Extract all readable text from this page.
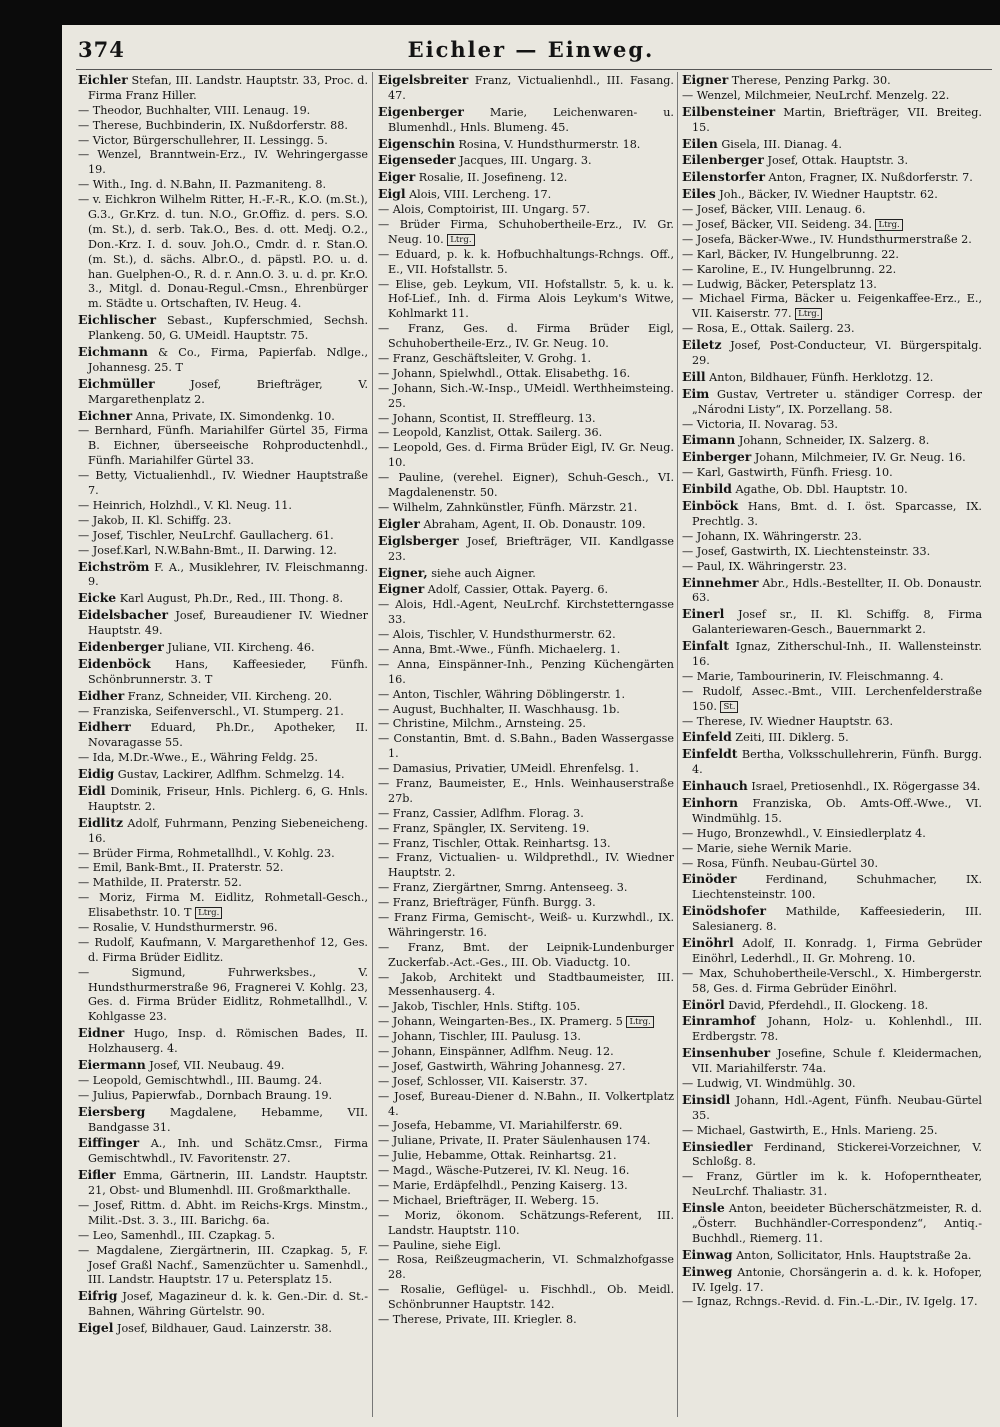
374	Eichler — Einweg.
Eichler Stefan, III. Landstr. Hauptstr. 33, Proc. d. Firma Franz Hiller.
— Theodor, Buchhalter, VIII. Lenaug. 19.
— Therese, Buchbinderin, IX. Nußdorferstr. 88.
— Victor, Bürgerschullehrer, II. Lessingg. 5.
— Wenzel, Branntwein-Erz., IV. Wehringergasse 19.
— With., Ing. d. N.Bahn, II. Pazmaniteng. 8.
— v. Eichkron Wilhelm Ritter, H.-F.-R., K.O. (m.St.), G.3., Gr.Krz. d. tun. N.O., Gr.Offiz. d. pers. S.O. (m. St.), d. serb. Tak.O., Bes. d. ott. Medj. O.2., Don.-Krz. I. d. souv. Joh.O., Cmdr. d. r. Stan.O. (m. St.), d. sächs. Albr.O., d. päpstl. P.O. u. d. han. Guelphen-O., R. d. r. Ann.O. 3. u. d. pr. Kr.O. 3., Mitgl. d. Donau-Regul.-Cmsn., Ehrenbürger m. Städte u. Ortschaften, IV. Heug. 4.
Eichlischer Sebast., Kupferschmied, Sechsh. Plankeng. 50, G. UMeidl. Hauptstr. 75.
Eichmann & Co., Firma, Papierfab. Ndlge., Johannesg. 25. T
Eichmüller Josef, Briefträger, V. Margarethenplatz 2.
Eichner Anna, Private, IX. Simondenkg. 10.
— Bernhard, Fünfh. Mariahilfer Gürtel 35, Firma B. Eichner, überseeische Rohproductenhdl., Fünfh. Mariahilfer Gürtel 33.
— Betty, Victualienhdl., IV. Wiedner Hauptstraße 7.
— Heinrich, Holzhdl., V. Kl. Neug. 11.
— Jakob, II. Kl. Schiffg. 23.
— Josef, Tischler, NeuLrchf. Gaullacherg. 61.
— Josef.Karl, N.W.Bahn-Bmt., II. Darwing. 12.
Eichström F. A., Musiklehrer, IV. Fleischmanng. 9.
Eicke Karl August, Ph.Dr., Red., III. Thong. 8.
Eidelsbacher Josef, Bureaudiener IV. Wiedner Hauptstr. 49.
Eidenberger Juliane, VII. Kircheng. 46.
Eidenböck Hans, Kaffeesieder, Fünfh. Schönbrunnerstr. 3. T
Eidher Franz, Schneider, VII. Kircheng. 20.
— Franziska, Seifenverschl., VI. Stumperg. 21.
Eidherr Eduard, Ph.Dr., Apotheker, II. Novaragasse 55.
— Ida, M.Dr.-Wwe., E., Währing Feldg. 25.
Eidig Gustav, Lackirer, Adlfhm. Schmelzg. 14.
Eidl Dominik, Friseur, Hnls. Pichlerg. 6, G. Hnls. Hauptstr. 2.
Eidlitz Adolf, Fuhrmann, Penzing Siebeneicheng. 16.
— Brüder Firma, Rohmetallhdl., V. Kohlg. 23.
— Emil, Bank-Bmt., II. Praterstr. 52.
— Mathilde, II. Praterstr. 52.
— Moriz, Firma M. Eidlitz, Rohmetall-Gesch., Elisabethstr. 10. T Ltrg.
— Rosalie, V. Hundsthurmerstr. 96.
— Rudolf, Kaufmann, V. Margarethenhof 12, Ges. d. Firma Brüder Eidlitz.
— Sigmund, Fuhrwerksbes., V. Hundsthurmerstraße 96, Fragnerei V. Kohlg. 23, Ges. d. Firma Brüder Eidlitz, Rohmetallhdl., V. Kohlgasse 23.
Eidner Hugo, Insp. d. Römischen Bades, II. Holzhauserg. 4.
Eiermann Josef, VII. Neubaug. 49.
— Leopold, Gemischtwhdl., III. Baumg. 24.
— Julius, Papierwfab., Dornbach Braung. 19.
Eiersberg Magdalene, Hebamme, VII. Bandgasse 31.
Eiffinger A., Inh. und Schätz.Cmsr., Firma Gemischtwhdl., IV. Favoritenstr. 27.
Eifler Emma, Gärtnerin, III. Landstr. Hauptstr. 21, Obst- und Blumenhdl. III. Großmarkthalle.
— Josef, Rittm. d. Abht. im Reichs-Krgs. Minstm., Milit.-Dst. 3. 3., III. Barichg. 6a.
— Leo, Samenhdl., III. Czapkag. 5.
— Magdalene, Ziergärtnerin, III. Czapkag. 5, F. Josef Graßl Nachf., Samenzüchter u. Samenhdl., III. Landstr. Hauptstr. 17 u. Petersplatz 15.
Eifrig Josef, Magazineur d. k. k. Gen.-Dir. d. St.-Bahnen, Währing Gürtelstr. 90.
Eigel Josef, Bildhauer, Gaud. Lainzerstr. 38.
Eigelsbreiter Franz, Victualienhdl., III. Fasang. 47.
Eigenberger Marie, Leichenwaren- u. Blumenhdl., Hnls. Blumeng. 45.
Eigenschin Rosina, V. Hundsthurmerstr. 18.
Eigenseder Jacques, III. Ungarg. 3.
Eiger Rosalie, II. Josefineng. 12.
Eigl Alois, VIII. Lercheng. 17.
— Alois, Comptoirist, III. Ungarg. 57.
— Brüder Firma, Schuhobertheile-Erz., IV. Gr. Neug. 10. Ltrg.
— Eduard, p. k. k. Hofbuchhaltungs-Rchngs. Off., E., VII. Hofstallstr. 5.
— Elise, geb. Leykum, VII. Hofstallstr. 5, k. u. k. Hof-Lief., Inh. d. Firma Alois Leykum's Witwe, Kohlmarkt 11.
— Franz, Ges. d. Firma Brüder Eigl, Schuhobertheile-Erz., IV. Gr. Neug. 10.
— Franz, Geschäftsleiter, V. Grohg. 1.
— Johann, Spielwhdl., Ottak. Elisabethg. 16.
— Johann, Sich.-W.-Insp., UMeidl. Werthheimsteing. 25.
— Johann, Scontist, II. Streffleurg. 13.
— Leopold, Kanzlist, Ottak. Sailerg. 36.
— Leopold, Ges. d. Firma Brüder Eigl, IV. Gr. Neug. 10.
— Pauline, (verehel. Eigner), Schuh-Gesch., VI. Magdalenenstr. 50.
— Wilhelm, Zahnkünstler, Fünfh. Märzstr. 21.
Eigler Abraham, Agent, II. Ob. Donaustr. 109.
Eiglsberger Josef, Briefträger, VII. Kandlgasse 23.
Eigner, siehe auch Aigner.
Eigner Adolf, Cassier, Ottak. Payerg. 6.
— Alois, Hdl.-Agent, NeuLrchf. Kirchstetterngasse 33.
— Alois, Tischler, V. Hundsthurmerstr. 62.
— Anna, Bmt.-Wwe., Fünfh. Michaelerg. 1.
— Anna, Einspänner-Inh., Penzing Küchengärten 16.
— Anton, Tischler, Währing Döblingerstr. 1.
— August, Buchhalter, II. Waschhausg. 1b.
— Christine, Milchm., Arnsteing. 25.
— Constantin, Bmt. d. S.Bahn., Baden Wassergasse 1.
— Damasius, Privatier, UMeidl. Ehrenfelsg. 1.
— Franz, Baumeister, E., Hnls. Weinhauserstraße 27b.
— Franz, Cassier, Adlfhm. Florag. 3.
— Franz, Spängler, IX. Serviteng. 19.
— Franz, Tischler, Ottak. Reinhartsg. 13.
— Franz, Victualien- u. Wildprethdl., IV. Wiedner Hauptstr. 2.
— Franz, Ziergärtner, Smrng. Antenseeg. 3.
— Franz, Briefträger, Fünfh. Burgg. 3.
— Franz Firma, Gemischt-, Weiß- u. Kurzwhdl., IX. Währingerstr. 16.
— Franz, Bmt. der Leipnik-Lundenburger Zuckerfab.-Act.-Ges., III. Ob. Viaductg. 10.
— Jakob, Architekt und Stadtbaumeister, III. Messenhauserg. 4.
— Jakob, Tischler, Hnls. Stiftg. 105.
— Johann, Weingarten-Bes., IX. Pramerg. 5 Ltrg.
— Johann, Tischler, III. Paulusg. 13.
— Johann, Einspänner, Adlfhm. Neug. 12.
— Josef, Gastwirth, Währing Johannesg. 27.
— Josef, Schlosser, VII. Kaiserstr. 37.
— Josef, Bureau-Diener d. N.Bahn., II. Volkertplatz 4.
— Josefa, Hebamme, VI. Mariahilferstr. 69.
— Juliane, Private, II. Prater Säulenhausen 174.
— Julie, Hebamme, Ottak. Reinhartsg. 21.
— Magd., Wäsche-Putzerei, IV. Kl. Neug. 16.
— Marie, Erdäpfelhdl., Penzing Kaiserg. 13.
— Michael, Briefträger, II. Weberg. 15.
— Moriz, ökonom. Schätzungs-Referent, III. Landstr. Hauptstr. 110.
— Pauline, siehe Eigl.
— Rosa, Reißzeugmacherin, VI. Schmalzhofgasse 28.
— Rosalie, Geflügel- u. Fischhdl., Ob. Meidl. Schönbrunner Hauptstr. 142.
— Therese, Private, III. Kriegler. 8.
Eigner Therese, Penzing Parkg. 30.
— Wenzel, Milchmeier, NeuLrchf. Menzelg. 22.
Eilbensteiner Martin, Briefträger, VII. Breiteg. 15.
Eilen Gisela, III. Dianag. 4.
Eilenberger Josef, Ottak. Hauptstr. 3.
Eilenstorfer Anton, Fragner, IX. Nußdorferstr. 7.
Eiles Joh., Bäcker, IV. Wiedner Hauptstr. 62.
— Josef, Bäcker, VIII. Lenaug. 6.
— Josef, Bäcker, VII. Seideng. 34. Ltrg.
— Josefa, Bäcker-Wwe., IV. Hundsthurmerstraße 2.
— Karl, Bäcker, IV. Hungelbrunng. 22.
— Karoline, E., IV. Hungelbrunng. 22.
— Ludwig, Bäcker, Petersplatz 13.
— Michael Firma, Bäcker u. Feigenkaffee-Erz., E., VII. Kaiserstr. 77. Ltrg.
— Rosa, E., Ottak. Sailerg. 23.
Eiletz Josef, Post-Conducteur, VI. Bürgerspitalg. 29.
Eill Anton, Bildhauer, Fünfh. Herklotzg. 12.
Eim Gustav, Vertreter u. ständiger Corresp. der „Národni Listy“, IX. Porzellang. 58.
— Victoria, II. Novarag. 53.
Eimann Johann, Schneider, IX. Salzerg. 8.
Einberger Johann, Milchmeier, IV. Gr. Neug. 16.
— Karl, Gastwirth, Fünfh. Friesg. 10.
Einbild Agathe, Ob. Dbl. Hauptstr. 10.
Einböck Hans, Bmt. d. I. öst. Sparcasse, IX. Prechtlg. 3.
— Johann, IX. Währingerstr. 23.
— Josef, Gastwirth, IX. Liechtensteinstr. 33.
— Paul, IX. Währingerstr. 23.
Einnehmer Abr., Hdls.-Bestellter, II. Ob. Donaustr. 63.
Einerl Josef sr., II. Kl. Schiffg. 8, Firma Galanteriewaren-Gesch., Bauernmarkt 2.
Einfalt Ignaz, Zitherschul-Inh., II. Wallensteinstr. 16.
— Marie, Tambourinerin, IV. Fleischmanng. 4.
— Rudolf, Assec.-Bmt., VIII. Lerchenfelderstraße 150. St.
— Therese, IV. Wiedner Hauptstr. 63.
Einfeld Zeiti, III. Diklerg. 5.
Einfeldt Bertha, Volksschullehrerin, Fünfh. Burgg. 4.
Einhauch Israel, Pretiosenhdl., IX. Rögergasse 34.
Einhorn Franziska, Ob. Amts-Off.-Wwe., VI. Windmühlg. 15.
— Hugo, Bronzewhdl., V. Einsiedlerplatz 4.
— Marie, siehe Wernik Marie.
— Rosa, Fünfh. Neubau-Gürtel 30.
Einöder Ferdinand, Schuhmacher, IX. Liechtensteinstr. 100.
Einödshofer Mathilde, Kaffeesiederin, III. Salesianerg. 8.
Einöhrl Adolf, II. Konradg. 1, Firma Gebrüder Einöhrl, Lederhdl., II. Gr. Mohreng. 10.
— Max, Schuhobertheile-Verschl., X. Himbergerstr. 58, Ges. d. Firma Gebrüder Einöhrl.
Einörl David, Pferdehdl., II. Glockeng. 18.
Einramhof Johann, Holz- u. Kohlenhdl., III. Erdbergstr. 78.
Einsenhuber Josefine, Schule f. Kleidermachen, VII. Mariahilferstr. 74a.
— Ludwig, VI. Windmühlg. 30.
Einsidl Johann, Hdl.-Agent, Fünfh. Neubau-Gürtel 35.
— Michael, Gastwirth, E., Hnls. Marieng. 25.
Einsiedler Ferdinand, Stickerei-Vorzeichner, V. Schloßg. 8.
— Franz, Gürtler im k. k. Hofoperntheater, NeuLrchf. Thaliastr. 31.
Einsle Anton, beeideter Bücherschätzmeister, R. d. „Österr. Buchhändler-Correspondenz“, Antiq.-Buchhdl., Riemerg. 11.
Einwag Anton, Sollicitator, Hnls. Hauptstraße 2a.
Einweg Antonie, Chorsängerin a. d. k. k. Hofoper, IV. Igelg. 17.
— Ignaz, Rchngs.-Revid. d. Fin.-L.-Dir., IV. Igelg. 17.
